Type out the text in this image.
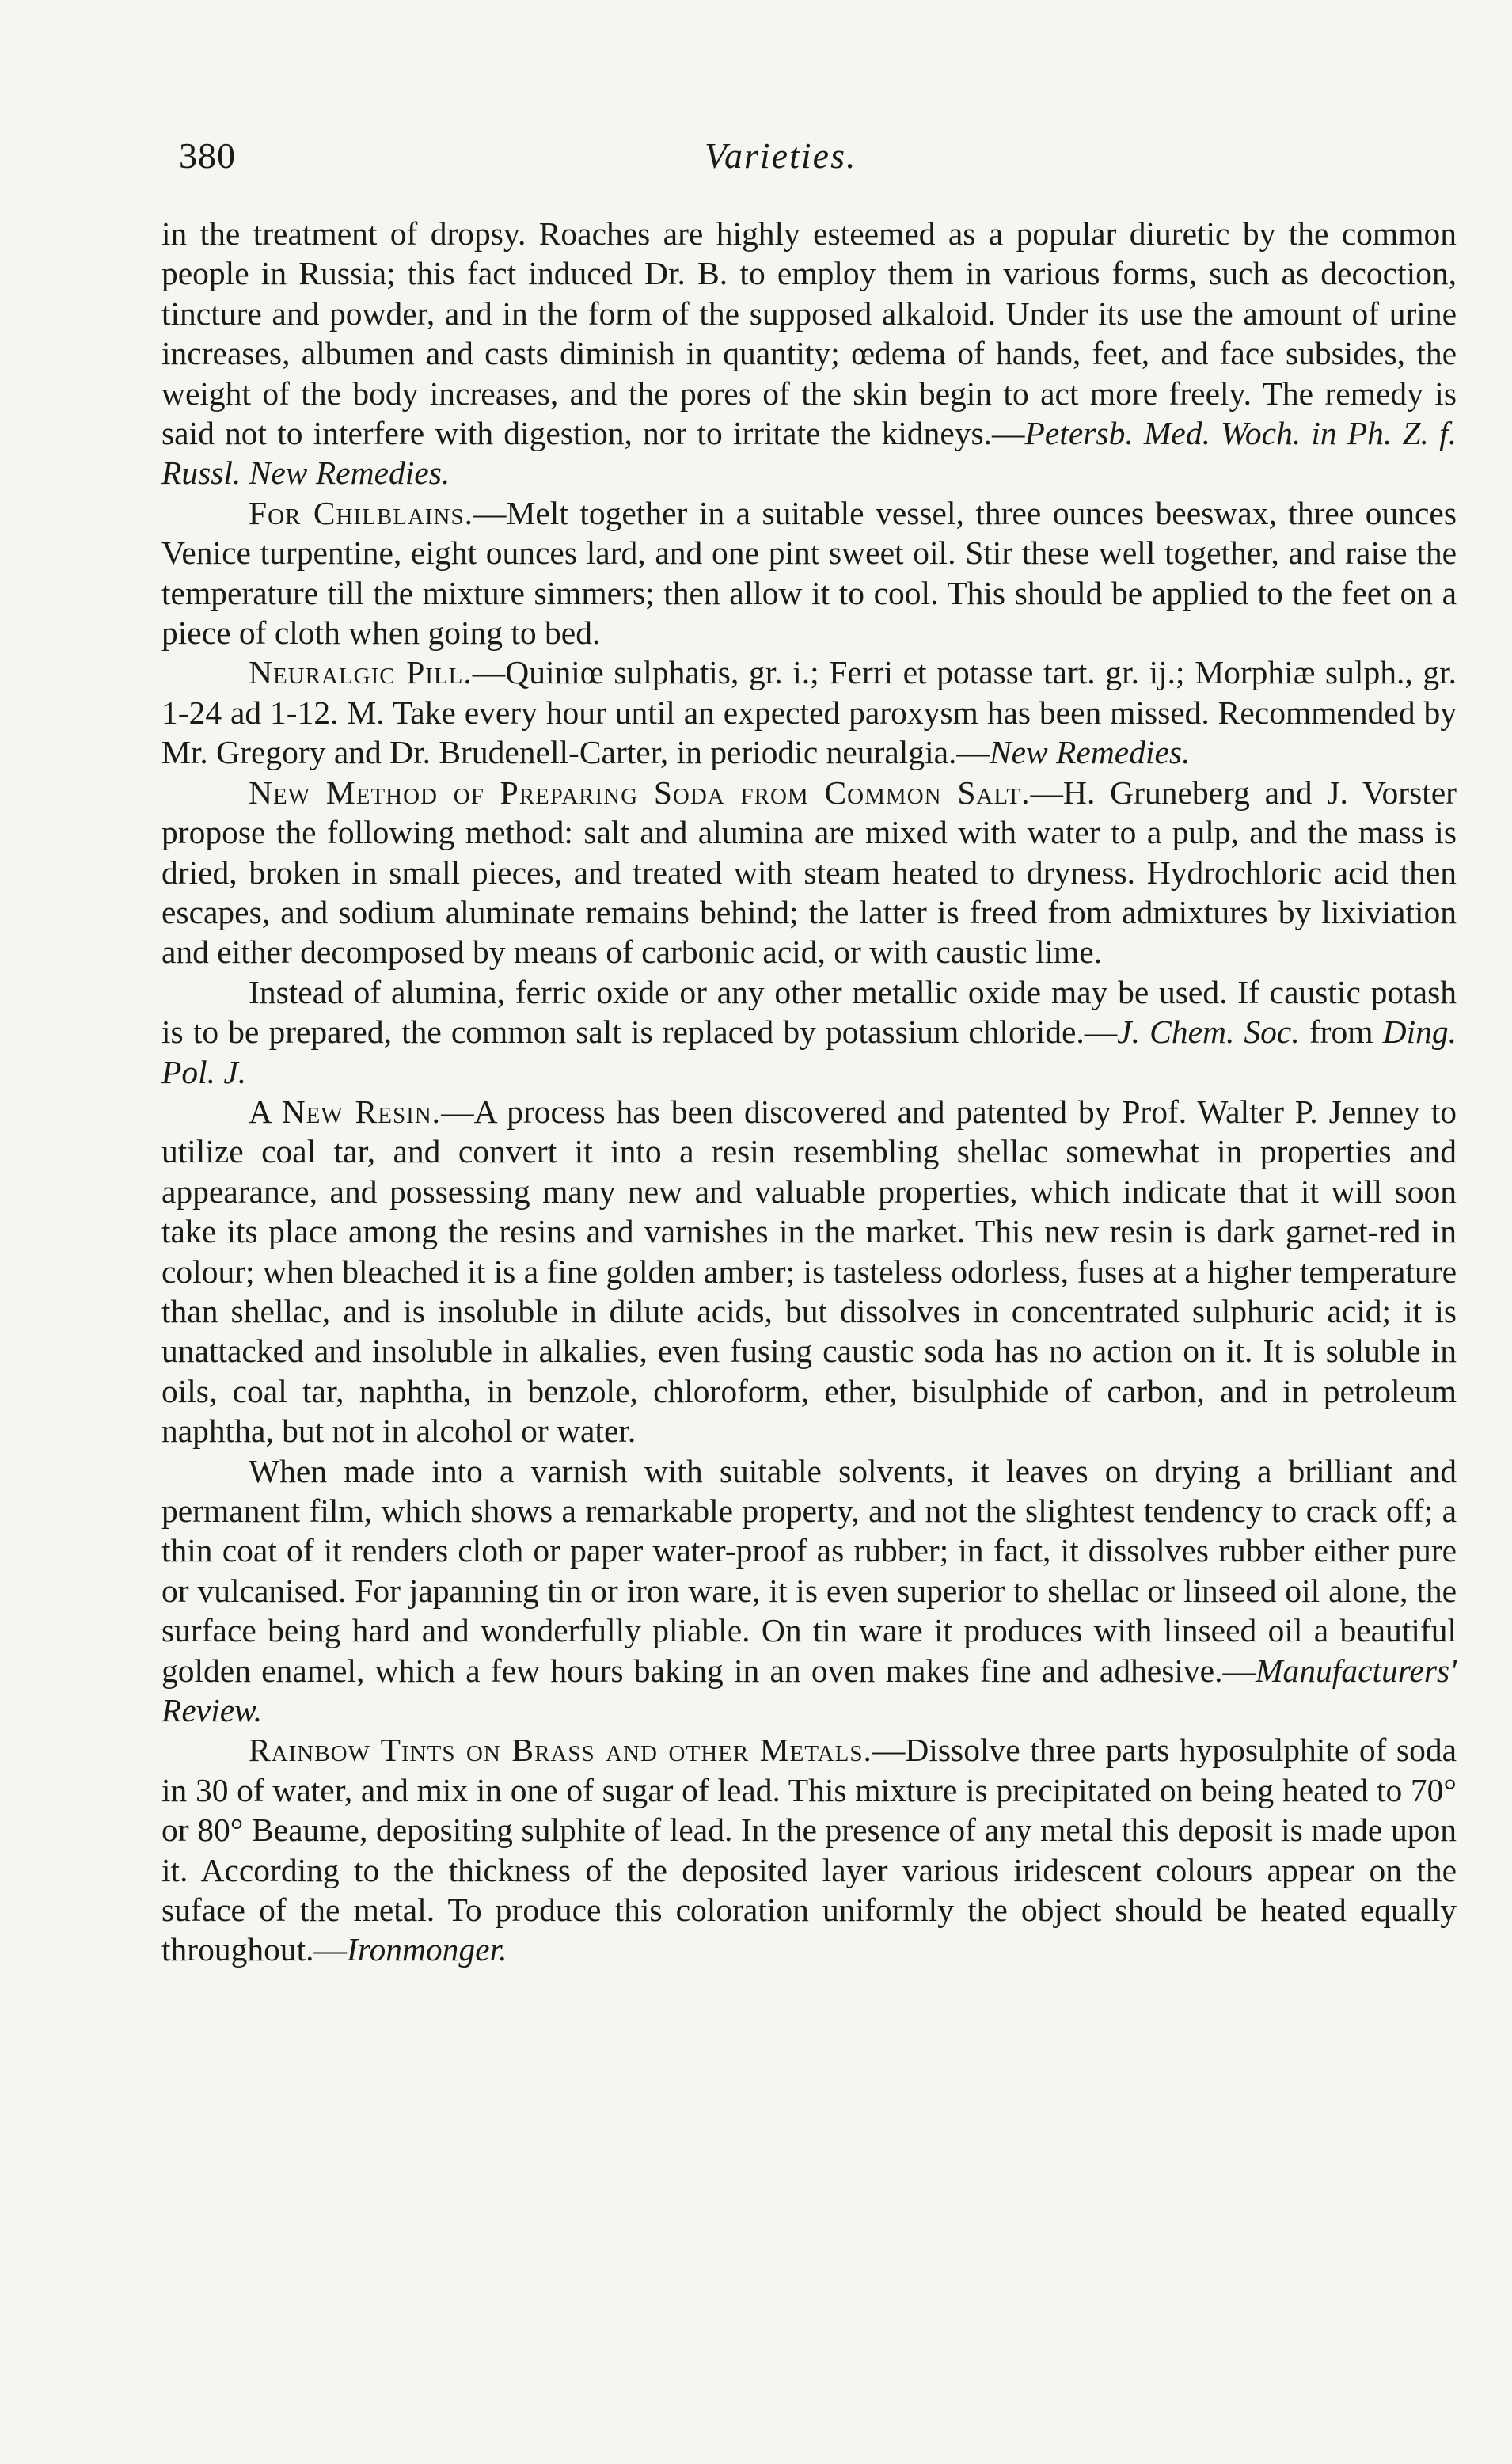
380	Varieties.

in the treatment of dropsy. Roaches are highly esteemed as a popular diuretic by the common people in Russia; this fact induced Dr. B. to employ them in various forms, such as decoction, tincture and powder, and in the form of the supposed alkaloid. Under its use the amount of urine increases, albumen and casts diminish in quantity; œdema of hands, feet, and face subsides, the weight of the body increases, and the pores of the skin begin to act more freely. The remedy is said not to interfere with digestion, nor to irritate the kidneys.—Petersb. Med. Woch. in Ph. Z. f. Russl. New Remedies.

For Chilblains.—Melt together in a suitable vessel, three ounces beeswax, three ounces Venice turpentine, eight ounces lard, and one pint sweet oil. Stir these well together, and raise the temperature till the mixture simmers; then allow it to cool. This should be applied to the feet on a piece of cloth when going to bed.

Neuralgic Pill.—Quiniœ sulphatis, gr. i.; Ferri et potasse tart. gr. ij.; Morphiæ sulph., gr. 1-24 ad 1-12. M. Take every hour until an expected paroxysm has been missed. Recommended by Mr. Gregory and Dr. Brudenell-Carter, in periodic neuralgia.—New Remedies.

New Method of Preparing Soda from Common Salt.—H. Gruneberg and J. Vorster propose the following method: salt and alumina are mixed with water to a pulp, and the mass is dried, broken in small pieces, and treated with steam heated to dryness. Hydrochloric acid then escapes, and sodium aluminate remains behind; the latter is freed from admixtures by lixiviation and either decomposed by means of carbonic acid, or with caustic lime.

Instead of alumina, ferric oxide or any other metallic oxide may be used. If caustic potash is to be prepared, the common salt is replaced by potassium chloride.—J. Chem. Soc. from Ding. Pol. J.

A New Resin.—A process has been discovered and patented by Prof. Walter P. Jenney to utilize coal tar, and convert it into a resin resembling shellac somewhat in properties and appearance, and possessing many new and valuable properties, which indicate that it will soon take its place among the resins and varnishes in the market. This new resin is dark garnet-red in colour; when bleached it is a fine golden amber; is tasteless odorless, fuses at a higher temperature than shellac, and is insoluble in dilute acids, but dissolves in concentrated sulphuric acid; it is unattacked and insoluble in alkalies, even fusing caustic soda has no action on it. It is soluble in oils, coal tar, naphtha, in benzole, chloroform, ether, bisulphide of carbon, and in petroleum naphtha, but not in alcohol or water.

When made into a varnish with suitable solvents, it leaves on drying a brilliant and permanent film, which shows a remarkable property, and not the slightest tendency to crack off; a thin coat of it renders cloth or paper water-proof as rubber; in fact, it dissolves rubber either pure or vulcanised. For japanning tin or iron ware, it is even superior to shellac or linseed oil alone, the surface being hard and wonderfully pliable. On tin ware it produces with linseed oil a beautiful golden enamel, which a few hours baking in an oven makes fine and adhesive.—Manufacturers' Review.

Rainbow Tints on Brass and other Metals.—Dissolve three parts hyposulphite of soda in 30 of water, and mix in one of sugar of lead. This mixture is precipitated on being heated to 70° or 80° Beaume, depositing sulphite of lead. In the presence of any metal this deposit is made upon it. According to the thickness of the deposited layer various iridescent colours appear on the suface of the metal. To produce this coloration uniformly the object should be heated equally throughout.—Ironmonger.
